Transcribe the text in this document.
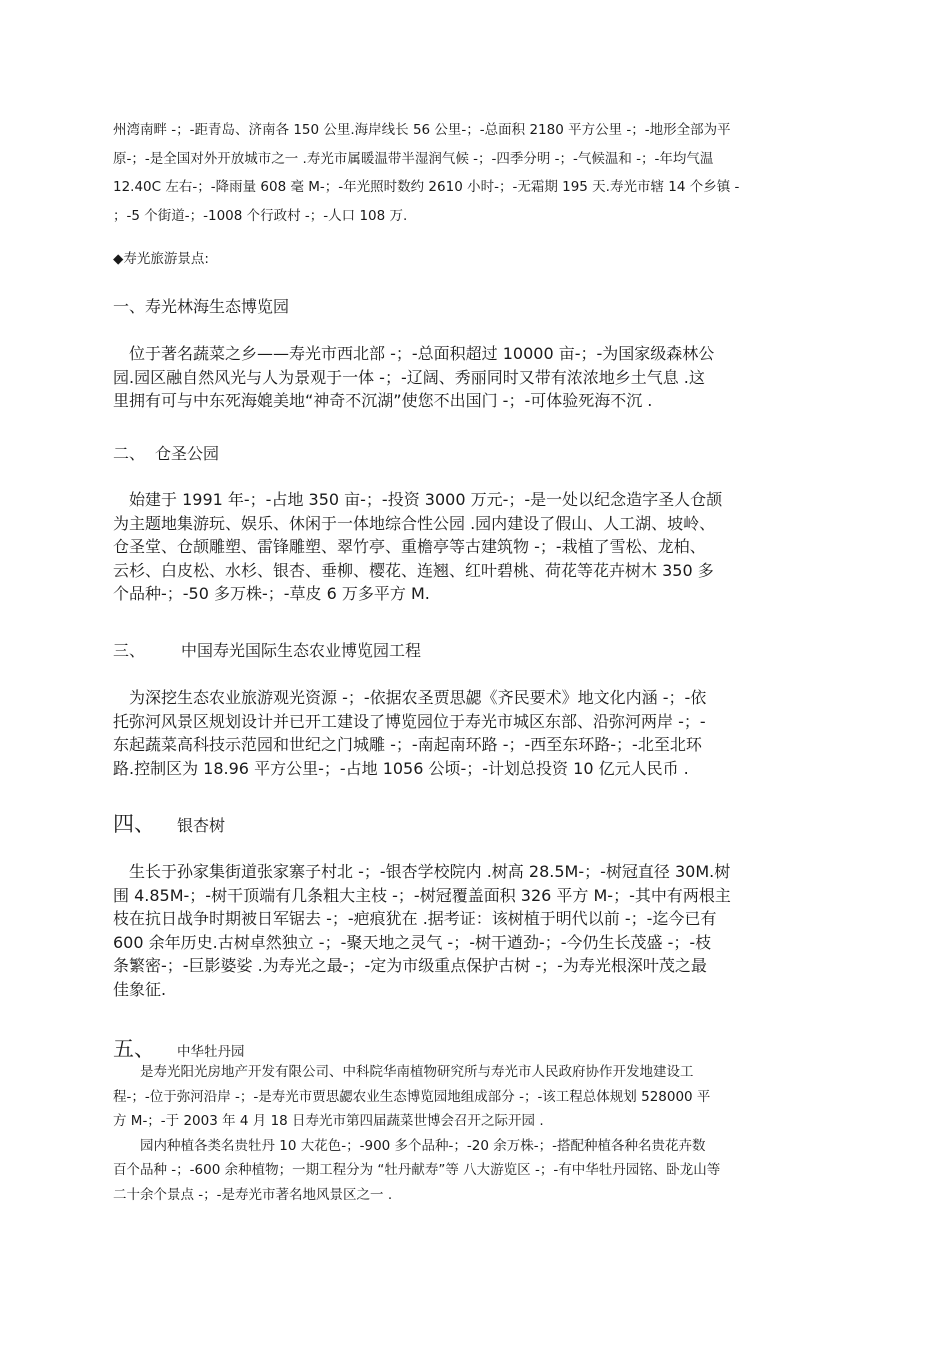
州湾南畔 -；-距青岛、济南各 150 公里.海岸线长 56 公里-；-总面积 2180 平方公里 -；-地形全部为平
原-；-是全国对外开放城市之一 .寿光市属暖温带半湿润气候 -；-四季分明 -；-气候温和 -；-年均气温
12.40C 左右-；-降雨量 608 毫 M-；-年光照时数约 2610 小时-；-无霜期 195 天.寿光市辖 14 个乡镇 -
；-5 个街道-；-1008 个行政村 -；-人口 108 万.

◆寿光旅游景点:

一、寿光林海生态博览园

　位于著名蔬菜之乡——寿光市西北部 -；-总面积超过 10000 亩-；-为国家级森林公
园.园区融自然风光与人为景观于一体 -；-辽阔、秀丽同时又带有浓浓地乡土气息 .这
里拥有可与中东死海媲美地“神奇不沉湖”使您不出国门 -；-可体验死海不沉 .

二、 仓圣公园

　始建于 1991 年-；-占地 350 亩-；-投资 3000 万元-；-是一处以纪念造字圣人仓颉
为主题地集游玩、娱乐、休闲于一体地综合性公园 .园内建设了假山、人工湖、坡岭、
仓圣堂、仓颉雕塑、雷锋雕塑、翠竹亭、重檐亭等古建筑物 -；-栽植了雪松、龙柏、
云杉、白皮松、水杉、银杏、垂柳、樱花、连翘、红叶碧桃、荷花等花卉树木 350 多
个品种-；-50 多万株-；-草皮 6 万多平方 M.

三、 中国寿光国际生态农业博览园工程

　为深挖生态农业旅游观光资源 -；-依据农圣贾思勰《齐民要术》地文化内涵 -；-依
托弥河风景区规划设计并已开工建设了博览园位于寿光市城区东部、沿弥河两岸 -；-
东起蔬菜高科技示范园和世纪之门城雕 -；-南起南环路 -；-西至东环路-；-北至北环
路.控制区为 18.96 平方公里-；-占地 1056 公顷-；-计划总投资 10 亿元人民币 .

四、 银杏树

　生长于孙家集街道张家寨子村北 -；-银杏学校院内 .树高 28.5M-；-树冠直径 30M.树
围 4.85M-；-树干顶端有几条粗大主枝 -；-树冠覆盖面积 326 平方 M-；-其中有两根主
枝在抗日战争时期被日军锯去 -；-疤痕犹在 .据考证：该树植于明代以前 -；-迄今已有
600 余年历史.古树卓然独立 -；-聚天地之灵气 -；-树干遒劲-；-今仍生长茂盛 -；-枝
条繁密-；-巨影婆娑 .为寿光之最-；-定为市级重点保护古树 -；-为寿光根深叶茂之最
佳象征.

五、 中华牡丹园

　　是寿光阳光房地产开发有限公司、中科院华南植物研究所与寿光市人民政府协作开发地建设工
程-；-位于弥河沿岸 -；-是寿光市贾思勰农业生态博览园地组成部分 -；-该工程总体规划 528000 平
方 M-；-于 2003 年 4 月 18 日寿光市第四届蔬菜世博会召开之际开园 .
　　园内种植各类名贵牡丹 10 大花色-；-900 多个品种-；-20 余万株-；-搭配种植各种名贵花卉数
百个品种 -；-600 余种植物；一期工程分为 “牡丹献寿”等 八大游览区 -；-有中华牡丹园铭、卧龙山等
二十余个景点 -；-是寿光市著名地风景区之一 .
